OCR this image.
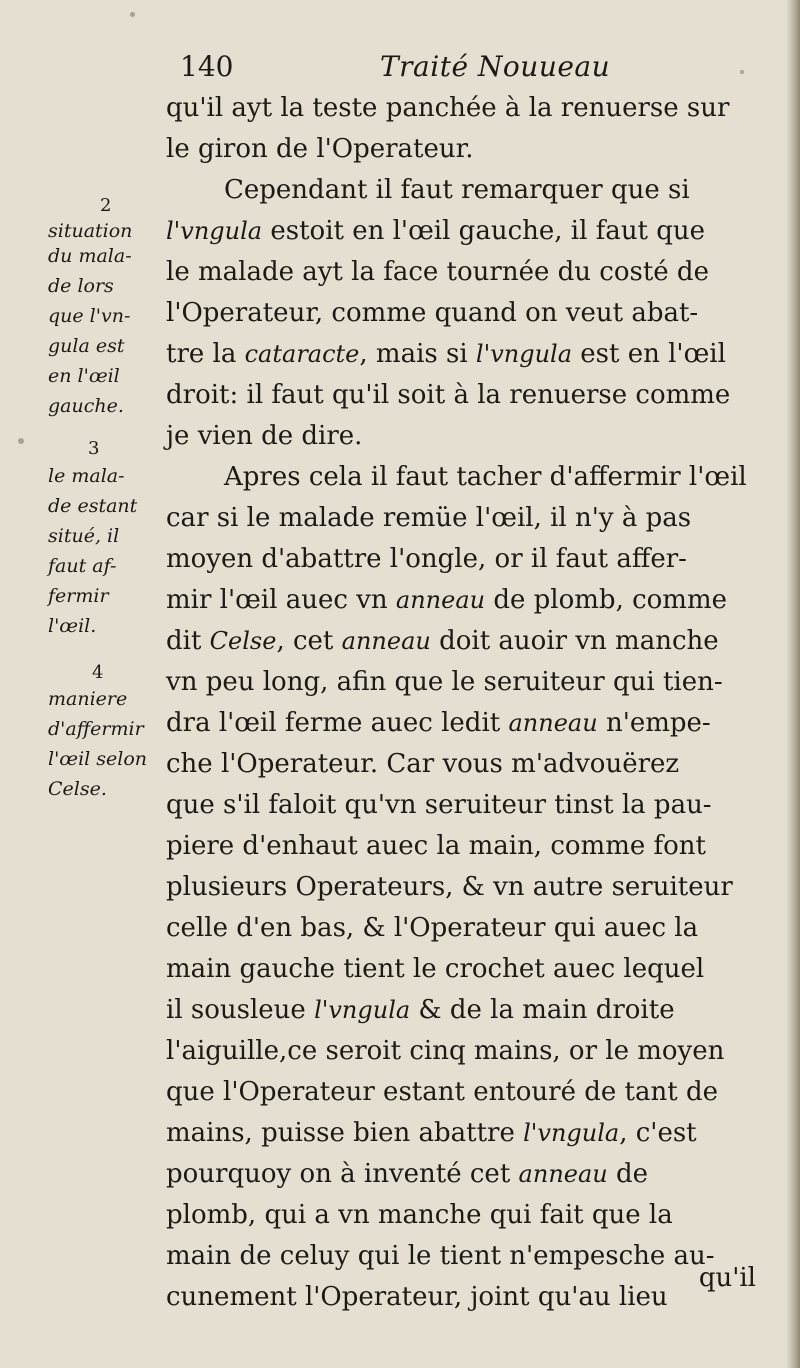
140	Traité Nouueau
2
situation
du mala-
de lors
que l'vn-
gula est
en l'œil
gauche.
3
le mala-
de estant
situé, il
faut af-
fermir
l'œil.
4
maniere
d'affermir
l'œil selon
Celse.
qu'il ayt la teste panchée à la renuerse sur
le giron de l'Operateur.
Cependant il faut remarquer que si
l'vngula estoit en l'œil gauche, il faut que
le malade ayt la face tournée du costé de
l'Operateur, comme quand on veut abat-
tre la cataracte, mais si l'vngula est en l'œil
droit: il faut qu'il soit à la renuerse comme
je vien de dire.
Apres cela il faut tacher d'affermir l'œil
car si le malade remüe l'œil, il n'y à pas
moyen d'abattre l'ongle, or il faut affer-
mir l'œil auec vn anneau de plomb, comme
dit Celse, cet anneau doit auoir vn manche
vn peu long, afin que le seruiteur qui tien-
dra l'œil ferme auec ledit anneau n'empe-
che l'Operateur. Car vous m'advouërez
que s'il faloit qu'vn seruiteur tinst la pau-
piere d'enhaut auec la main, comme font
plusieurs Operateurs, & vn autre seruiteur
celle d'en bas, & l'Operateur qui auec la
main gauche tient le crochet auec lequel
il sousleue l'vngula & de la main droite
l'aiguille,ce seroit cinq mains, or le moyen
que l'Operateur estant entouré de tant de
mains, puisse bien abattre l'vngula, c'est
pourquoy on à inventé cet anneau de
plomb, qui a vn manche qui fait que la
main de celuy qui le tient n'empesche au-
cunement l'Operateur, joint qu'au lieu
qu'il
